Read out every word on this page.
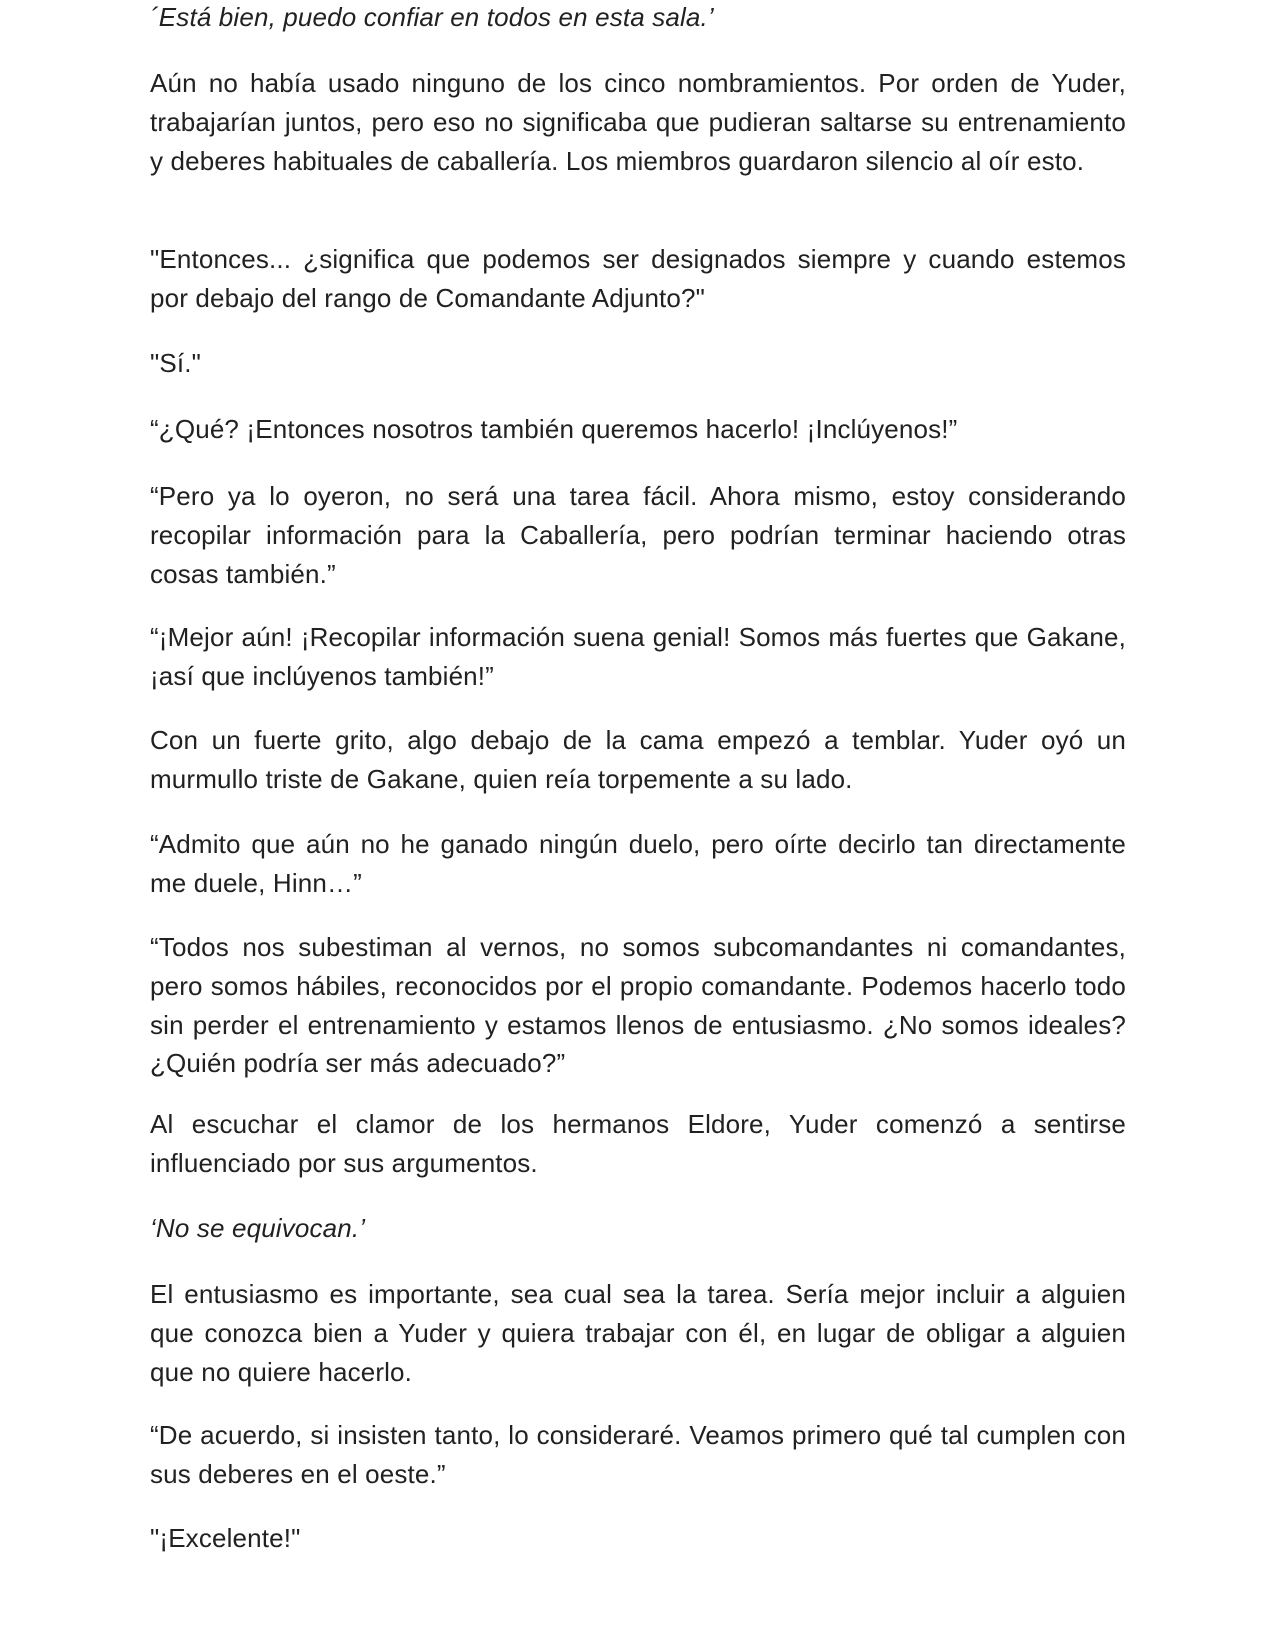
´Está bien, puedo confiar en todos en esta sala.’

Aún no había usado ninguno de los cinco nombramientos. Por orden de Yuder, trabajarían juntos, pero eso no significaba que pudieran saltarse su entrenamiento y deberes habituales de caballería. Los miembros guardaron silencio al oír esto.

"Entonces... ¿significa que podemos ser designados siempre y cuando estemos por debajo del rango de Comandante Adjunto?"

"Sí."

“¿Qué? ¡Entonces nosotros también queremos hacerlo! ¡Inclúyenos!”

“Pero ya lo oyeron, no será una tarea fácil. Ahora mismo, estoy considerando recopilar información para la Caballería, pero podrían terminar haciendo otras cosas también.”

“¡Mejor aún! ¡Recopilar información suena genial! Somos más fuertes que Gakane, ¡así que inclúyenos también!”

Con un fuerte grito, algo debajo de la cama empezó a temblar. Yuder oyó un murmullo triste de Gakane, quien reía torpemente a su lado.

“Admito que aún no he ganado ningún duelo, pero oírte decirlo tan directamente me duele, Hinn…”

“Todos nos subestiman al vernos, no somos subcomandantes ni comandantes, pero somos hábiles, reconocidos por el propio comandante. Podemos hacerlo todo sin perder el entrenamiento y estamos llenos de entusiasmo. ¿No somos ideales? ¿Quién podría ser más adecuado?”

Al escuchar el clamor de los hermanos Eldore, Yuder comenzó a sentirse influenciado por sus argumentos.

‘No se equivocan.’

El entusiasmo es importante, sea cual sea la tarea. Sería mejor incluir a alguien que conozca bien a Yuder y quiera trabajar con él, en lugar de obligar a alguien que no quiere hacerlo.

“De acuerdo, si insisten tanto, lo consideraré. Veamos primero qué tal cumplen con sus deberes en el oeste.”

"¡Excelente!"
